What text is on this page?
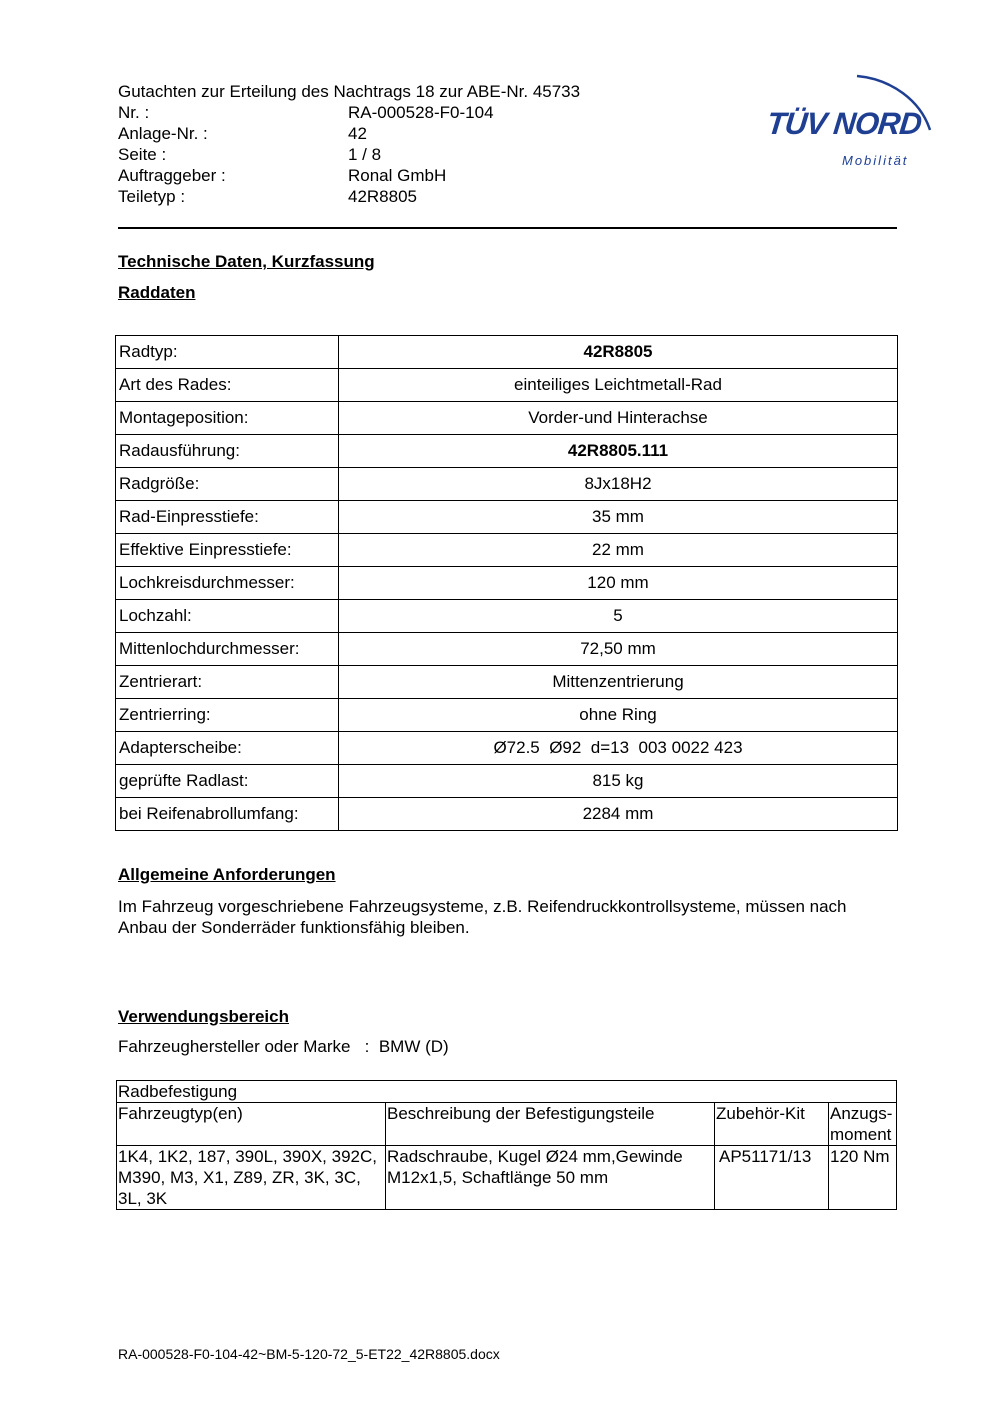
Gutachten zur Erteilung des Nachtrags 18 zur ABE-Nr. 45733
Nr. :	RA-000528-F0-104
Anlage-Nr. :	42
Seite :	1 / 8
Auftraggeber :	Ronal GmbH
Teiletyp :	42R8805
TÜV NORD
Mobilität
Technische Daten, Kurzfassung
Raddaten
Radtyp:	42R8805
Art des Rades:	einteiliges Leichtmetall-Rad
Montageposition:	Vorder-und Hinterachse
Radausführung:	42R8805.111
Radgröße:	8Jx18H2
Rad-Einpresstiefe:	35 mm
Effektive Einpresstiefe:	22 mm
Lochkreisdurchmesser:	120 mm
Lochzahl:	5
Mittenlochdurchmesser:	72,50 mm
Zentrierart:	Mittenzentrierung
Zentrierring:	ohne Ring
Adapterscheibe:	Ø72.5  Ø92  d=13  003 0022 423
geprüfte Radlast:	815 kg
bei Reifenabrollumfang:	2284 mm
Allgemeine Anforderungen
Im Fahrzeug vorgeschriebene Fahrzeugsysteme, z.B. Reifendruckkontrollsysteme, müssen nach Anbau der Sonderräder funktionsfähig bleiben.
Verwendungsbereich
Fahrzeughersteller oder Marke : BMW (D)
Radbefestigung			
Fahrzeugtyp(en)	Beschreibung der Befestigungsteile	Zubehör-Kit	Anzugs-moment
1K4, 1K2, 187, 390L, 390X, 392C, M390, M3, X1, Z89, ZR, 3K, 3C, 3L, 3K	Radschraube, Kugel Ø24 mm,Gewinde M12x1,5, Schaftlänge 50 mm	AP51171/13	120 Nm
RA-000528-F0-104-42~BM-5-120-72_5-ET22_42R8805.docx
